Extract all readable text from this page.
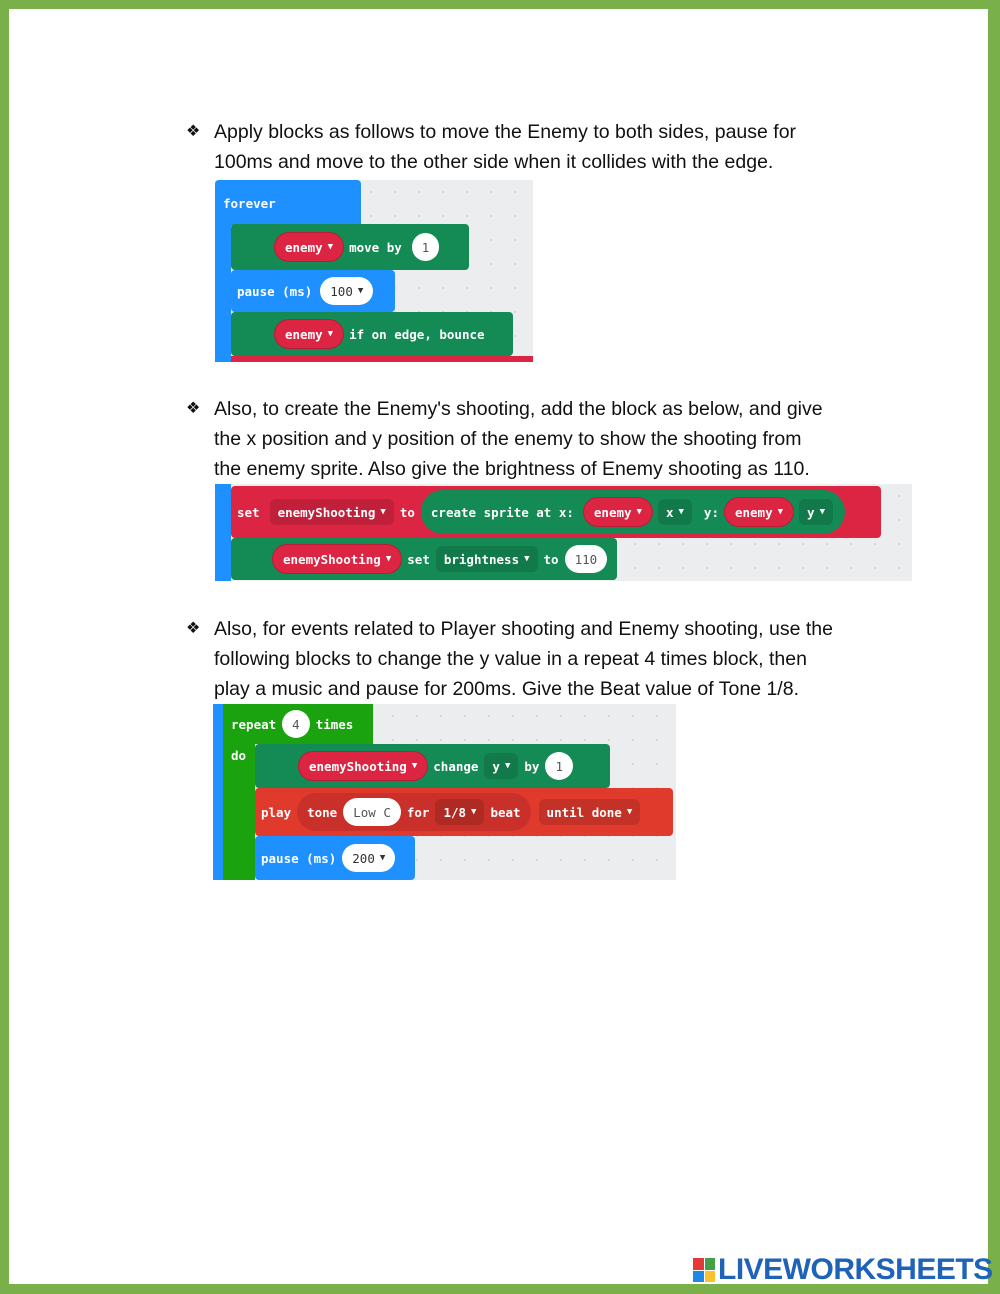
❖ Apply blocks as follows to move the Enemy to both sides, pause for
100ms and move to the other side when it collides with the edge.
forever
enemy ▼ move by	1
pause (ms) 100 ▼
enemy ▼ if on edge, bounce
❖ Also, to create the Enemy's shooting, add the block as below, and give
the x position and y position of the enemy to show the shooting from
the enemy sprite. Also give the brightness of Enemy shooting as 110.
set enemyShooting ▼ to create sprite at x: enemy ▼ x ▼ y: enemy ▼ y ▼
enemyShooting ▼ set brightness ▼ to	110
❖ Also, for events related to Player shooting and Enemy shooting, use the
following blocks to change the y value in a repeat 4 times block, then
play a music and pause for 200ms. Give the Beat value of Tone 1/8.
repeat	4	times
do
enemyShooting ▼ change y ▼ by	1
play tone	Low C	for 1/8 ▼ beat until done ▼
pause (ms) 200 ▼
LIVEWORKSHEETS
